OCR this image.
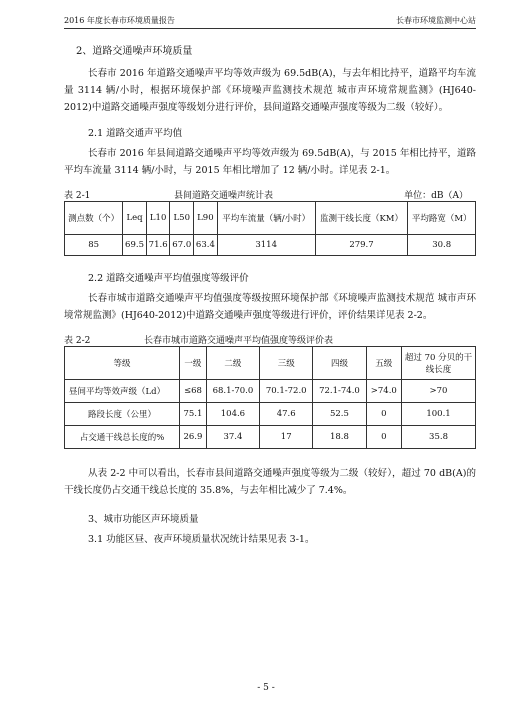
2016 年度长春市环境质量报告	长春市环境监测中心站
2、道路交通噪声环境质量

长春市 2016 年道路交通噪声平均等效声级为 69.5dB(A)，与去年相比持平，道路平均车流量 3114 辆/小时，根据环境保护部《环境噪声监测技术规范 城市声环境常规监测》(HJ640-2012)中道路交通噪声强度等级划分进行评价，县间道路交通噪声强度等级为二级（较好）。

2.1 道路交通声平均值

长春市 2016 年县间道路交通噪声平均等效声级为 69.5dB(A)，与 2015 年相比持平，道路平均车流量 3114 辆/小时，与 2015 年相比增加了 12 辆/小时。详见表 2-1。

表 2-1	县间道路交通噪声统计表	单位：dB（A）
测点数（个）	Leq	L10	L50	L90	平均车流量（辆/小时）	监测干线长度（KM）	平均路宽（M）
85	69.5	71.6	67.0	63.4	3114	279.7	30.8
2.2 道路交通噪声平均值强度等级评价

长春市城市道路交通噪声平均值强度等级按照环境保护部《环境噪声监测技术规范 城市声环境常规监测》(HJ640-2012)中道路交通噪声强度等级进行评价，评价结果详见表 2-2。

表 2-2	长春市城市道路交通噪声平均值强度等级评价表
等级	一级	二级	三级	四级	五级	超过 70 分贝的干线长度
昼间平均等效声级（Ld）	≤68	68.1-70.0	70.1-72.0	72.1-74.0	>74.0	>70
路段长度（公里）	75.1	104.6	47.6	52.5	0	100.1
占交通干线总长度的%	26.9	37.4	17	18.8	0	35.8

从表 2-2 中可以看出，长春市县间道路交通噪声强度等级为二级（较好），超过 70 dB(A)的干线长度仍占交通干线总长度的 35.8%，与去年相比减少了 7.4%。

3、城市功能区声环境质量
3.1 功能区昼、夜声环境质量状况统计结果见表 3-1。
- 5 -
